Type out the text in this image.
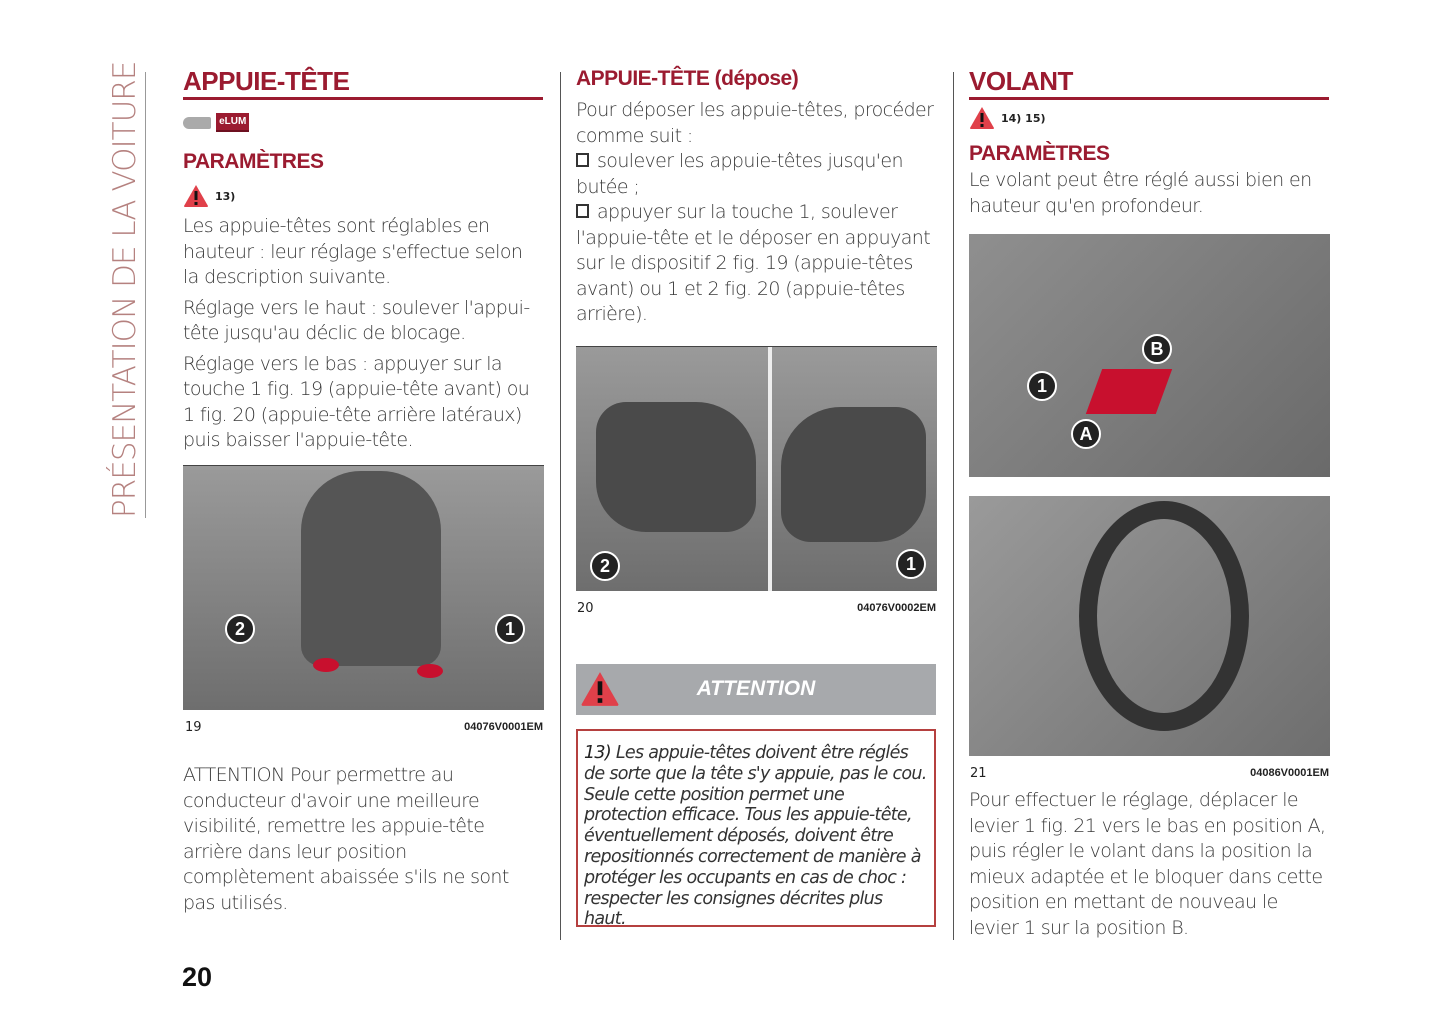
PRÉSENTATION DE LA VOITURE APPUIE-TÊTE
eLUM
PARAMÈTRES
13)

Les appuie-têtes sont réglables en hauteur : leur réglage s'effectue selon la description suivante.

Réglage vers le haut : soulever l'appui-tête jusqu'au déclic de blocage.

Réglage vers le bas : appuyer sur la touche 1 fig. 19 (appuie-tête avant) ou 1 fig. 20 (appuie-tête arrière latéraux) puis baisser l'appuie-tête.

2	1
19	04076V0001EM

ATTENTION Pour permettre au conducteur d'avoir une meilleure visibilité, remettre les appuie-tête arrière dans leur position complètement abaissée s'ils ne sont pas utilisés.

20
APPUIE-TÊTE (dépose)

Pour déposer les appuie-têtes, procéder comme suit :

soulever les appuie-têtes jusqu'en butée ;

appuyer sur la touche 1, soulever l'appuie-tête et le déposer en appuyant sur le dispositif 2 fig. 19 (appuie-têtes avant) ou 1 et 2 fig. 20 (appuie-têtes arrière).

2	1
20	04076V0002EM
ATTENTION

13) Les appuie-têtes doivent être réglés de sorte que la tête s'y appuie, pas le cou. Seule cette position permet une protection efficace. Tous les appuie-tête, éventuellement déposés, doivent être repositionnés correctement de manière à protéger les occupants en cas de choc : respecter les consignes décrites plus haut.

VOLANT
14) 15)
PARAMÈTRES

Le volant peut être réglé aussi bien en hauteur qu'en profondeur.

1
A
B
21	04086V0001EM

Pour effectuer le réglage, déplacer le levier 1 fig. 21 vers le bas en position A, puis régler le volant dans la position la mieux adaptée et le bloquer dans cette position en mettant de nouveau le levier 1 sur la position B.
